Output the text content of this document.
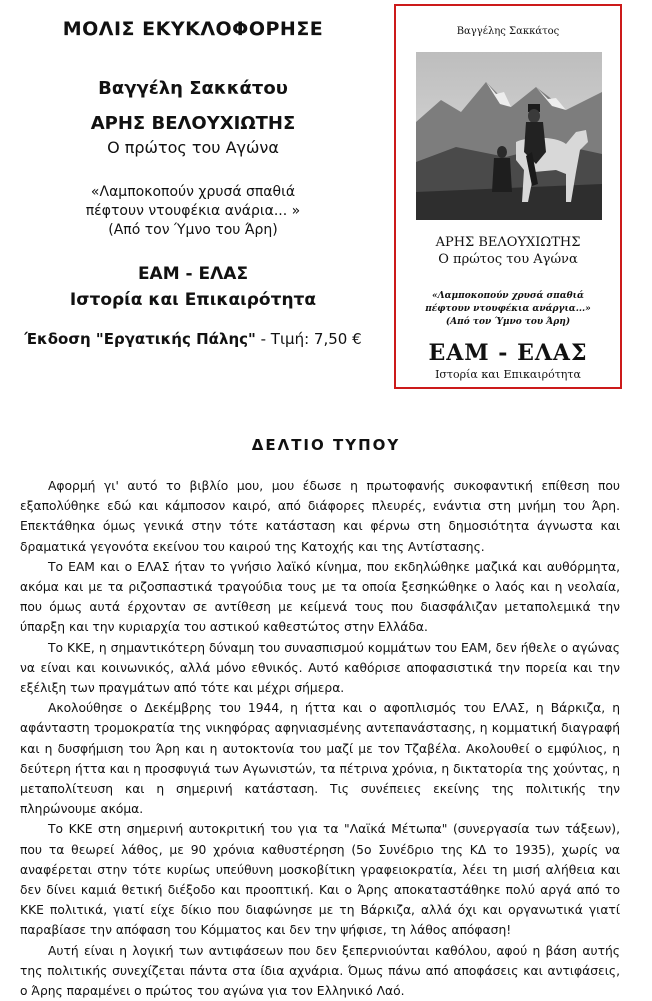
ΜΟΛΙΣ ΕΚΥΚΛΟΦΟΡΗΣΕ
Βαγγέλη Σακκάτου
ΑΡΗΣ ΒΕΛΟΥΧΙΩΤΗΣ
Ο πρώτος του Αγώνα
«Λαμποκοπούν χρυσά σπαθιά
πέφτουν ντουφέκια ανάρια... »
(Από τον Ύμνο του Άρη)
ΕΑΜ - ΕΛΑΣ
Ιστορία και Επικαιρότητα
Έκδοση "Εργατικής Πάλης" - Τιμή: 7,50 €
Βαγγέλης Σακκάτος
ΑΡΗΣ ΒΕΛΟΥΧΙΩΤΗΣ
Ο πρώτος του Αγώνα
«Λαμποκοπούν χρυσά σπαθιά
πέφτουν ντουφέκια ανάργια...»
(Από τον Ύμνο του Άρη)
ΕΑΜ - ΕΛΑΣ
Ιστορία και Επικαιρότητα
ΔΕΛΤΙΟ ΤΥΠΟΥ

Αφορμή γι' αυτό το βιβλίο μου, μου έδωσε η πρωτοφανής συκοφαντική επίθεση που εξαπολύθηκε εδώ και κάμποσον καιρό, από διάφορες πλευρές, ενάντια στη μνήμη του Άρη. Επεκτάθηκα όμως γενικά στην τότε κατάσταση και φέρνω στη δημοσιότητα άγνωστα και δραματικά γεγονότα εκείνου του καιρού της Κατοχής και της Αντίστασης.

Το ΕΑΜ και ο ΕΛΑΣ ήταν το γνήσιο λαϊκό κίνημα, που εκδηλώθηκε μαζικά και αυθόρμητα, ακόμα και με τα ριζοσπαστικά τραγούδια τους με τα οποία ξεσηκώθηκε ο λαός και η νεολαία, που όμως αυτά έρχονταν σε αντίθεση με κείμενά τους που διασφάλιζαν μεταπολεμικά την ύπαρξη και την κυριαρχία του αστικού καθεστώτος στην Ελλάδα.

Το ΚΚΕ, η σημαντικότερη δύναμη του συνασπισμού κομμάτων του ΕΑΜ, δεν ήθελε ο αγώνας να είναι και κοινωνικός, αλλά μόνο εθνικός. Αυτό καθόρισε αποφασιστικά την πορεία και την εξέλιξη των πραγμάτων από τότε και μέχρι σήμερα.

Ακολούθησε ο Δεκέμβρης του 1944, η ήττα και ο αφοπλισμός του ΕΛΑΣ, η Βάρκιζα, η αφάνταστη τρομοκρατία της νικηφόρας αφηνιασμένης αντεπανάστασης, η κομματική διαγραφή και η δυσφήμιση του Άρη και η αυτοκτονία του μαζί με τον Τζαβέλα. Ακολουθεί ο εμφύλιος, η δεύτερη ήττα και η προσφυγιά των Αγωνιστών, τα πέτρινα χρόνια, η δικτατορία της χούντας, η μεταπολίτευση και η σημερινή κατάσταση. Τις συνέπειες εκείνης της πολιτικής την πληρώνουμε ακόμα.

Το ΚΚΕ στη σημερινή αυτοκριτική του για τα "Λαϊκά Μέτωπα" (συνεργασία των τάξεων), που τα θεωρεί λάθος, με 90 χρόνια καθυστέρηση (5ο Συνέδριο της ΚΔ το 1935), χωρίς να αναφέρεται στην τότε κυρίως υπεύθυνη μοσκοβίτικη γραφειοκρατία, λέει τη μισή αλήθεια και δεν δίνει καμιά θετική διέξοδο και προοπτική. Και ο Άρης αποκαταστάθηκε πολύ αργά από το ΚΚΕ πολιτικά, γιατί είχε δίκιο που διαφώνησε με τη Βάρκιζα, αλλά όχι και οργανωτικά γιατί παραβίασε την απόφαση του Κόμματος και δεν την ψήφισε, τη λάθος απόφαση!

Αυτή είναι η λογική των αντιφάσεων που δεν ξεπερνιούνται καθόλου, αφού η βάση αυτής της πολιτικής συνεχίζεται πάντα στα ίδια αχνάρια. Όμως πάνω από αποφάσεις και αντιφάσεις, ο Άρης παραμένει ο πρώτος του αγώνα για τον Ελληνικό Λαό.
